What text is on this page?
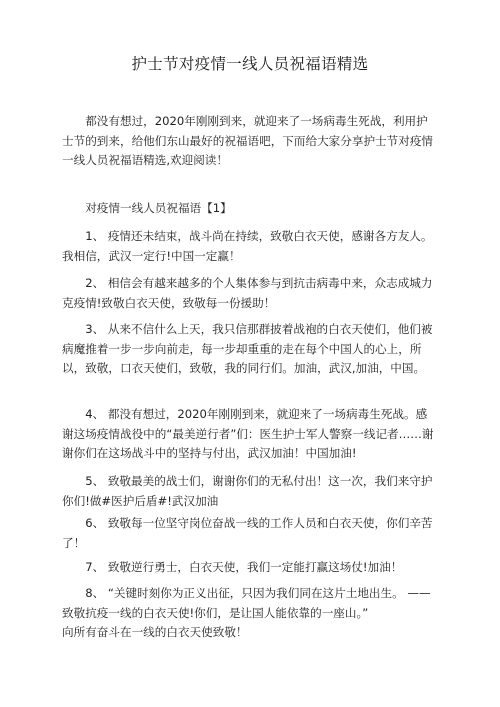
护士节对疫情一线人员祝福语精选

都没有想过，2020年刚刚到来，就迎来了一场病毒生死战，利用护士节的到来，给他们东山最好的祝福语吧，下而给大家分享护士节对疫情一线人员祝福语精选,欢迎阅读！

对疫情一线人员祝福语【1】

1、 疫情还未结束，战斗尚在持续，致敬白衣天使，感谢各方友人。我相信，武汉一定行!中国一定赢！

2、 相信会有越来越多的个人集体参与到抗击病毒中来，众志成城力克疫情!致敬白衣天使，致敬每一份援助！

3、 从来不信什么上天，我只信那群披着战袍的白衣天使们，他们被病魔推着一步一步向前走，每一步却重重的走在每个中国人的心上，所以，致敬，口衣天使们，致敬，我的同行们。加油，武汉,加油，中国。

4、 都没有想过，2020年刚刚到来，就迎来了一场病毒生死战。感谢这场疫情战役中的“最美逆行者”们：医生护士军人警察一线记者……谢谢你们在这场战斗中的坚持与付出，武汉加油！中国加油!

5、 致敬最美的战士们，谢谢你们的无私付出！这一次，我们来守护你们!做#医护后盾#!武汉加油

6、 致敬每一位坚守岗位奋战一线的工作人员和白衣天使，你们辛苦了！

7、 致敬逆行勇士，白衣天使，我们一定能打赢这场仗!加油！

8、 “关键时刻你为正义出征，只因为我们同在这片土地出生。 ——致敬抗疫一线的白衣天使!你们，是让国人能依靠的一座山。”
向所有奋斗在一线的白衣天使致敬！
